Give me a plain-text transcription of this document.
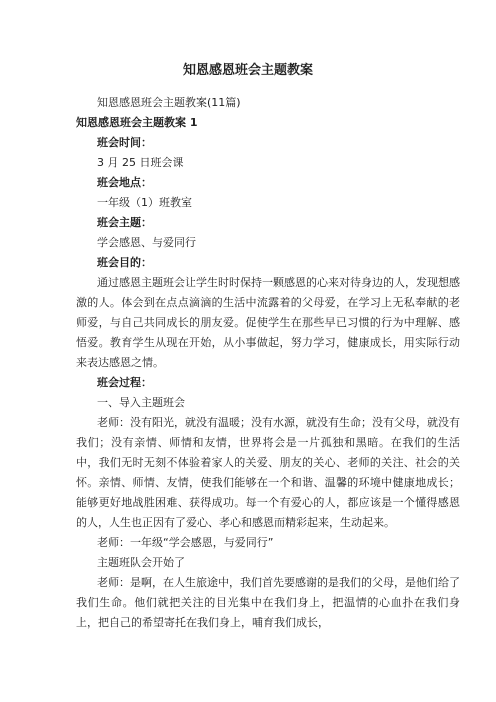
知恩感恩班会主题教案
知恩感恩班会主题教案(11篇)
知恩感恩班会主题教案 1
班会时间：
3 月 25 日班会课
班会地点：
一年级（1）班教室
班会主题：
学会感恩、与爱同行
班会目的：

通过感恩主题班会让学生时时保持一颗感恩的心来对待身边的人，发现想感激的人。体会到在点点滴滴的生活中流露着的父母爱，在学习上无私奉献的老师爱，与自己共同成长的朋友爱。促使学生在那些早已习惯的行为中理解、感悟爱。教育学生从现在开始，从小事做起，努力学习，健康成长，用实际行动来表达感恩之情。

班会过程：
一、导入主题班会

老师：没有阳光，就没有温暖；没有水源，就没有生命；没有父母，就没有我们；没有亲情、师情和友情，世界将会是一片孤独和黑暗。在我们的生活中，我们无时无刻不体验着家人的关爱、朋友的关心、老师的关注、社会的关怀。亲情、师情、友情，使我们能够在一个和谐、温馨的环境中健康地成长；能够更好地战胜困难、获得成功。每一个有爱心的人，都应该是一个懂得感恩的人，人生也正因有了爱心、孝心和感恩而精彩起来，生动起来。

老师：一年级“学会感恩，与爱同行”
主题班队会开始了

老师：是啊，在人生旅途中，我们首先要感谢的是我们的父母，是他们给了我们生命。他们就把关注的目光集中在我们身上，把温情的心血扑在我们身上，把自己的希望寄托在我们身上，哺育我们成长，
